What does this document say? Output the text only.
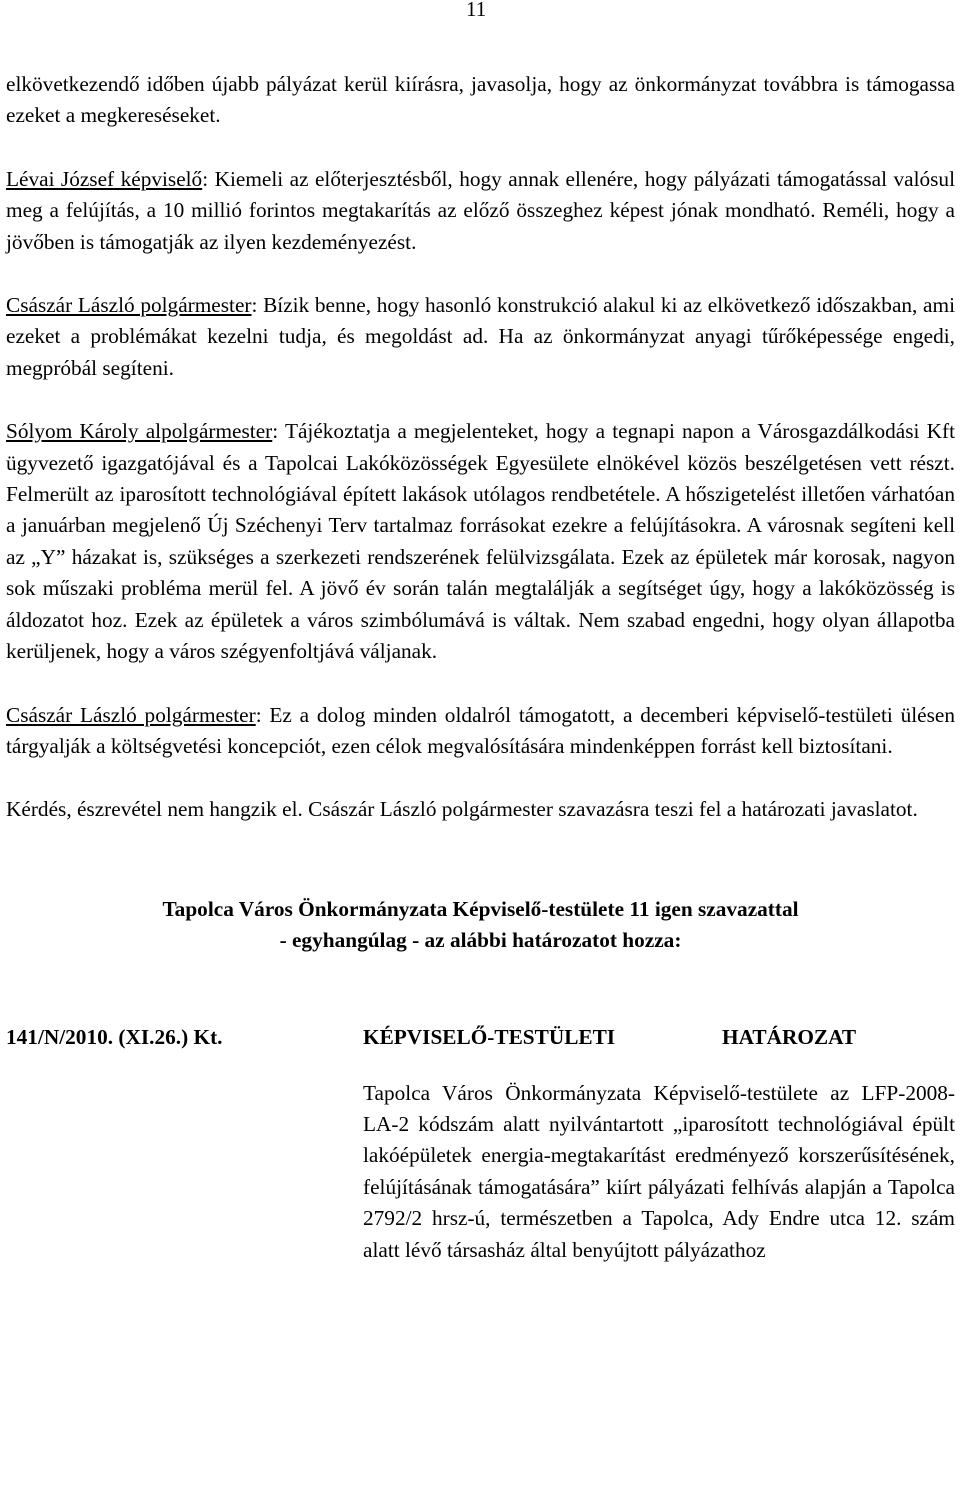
11

elkövetkezendő időben újabb pályázat kerül kiírásra, javasolja, hogy az önkormányzat továbbra is támogassa ezeket a megkereséseket.

Lévai József képviselő: Kiemeli az előterjesztésből, hogy annak ellenére, hogy pályázati támogatással valósul meg a felújítás, a 10 millió forintos megtakarítás az előző összeghez képest jónak mondható. Reméli, hogy a jövőben is támogatják az ilyen kezdeményezést.

Császár László polgármester: Bízik benne, hogy hasonló konstrukció alakul ki az elkövetkező időszakban, ami ezeket a problémákat kezelni tudja, és megoldást ad. Ha az önkormányzat anyagi tűrőképessége engedi, megpróbál segíteni.

Sólyom Károly alpolgármester: Tájékoztatja a megjelenteket, hogy a tegnapi napon a Városgazdálkodási Kft ügyvezető igazgatójával és a Tapolcai Lakóközösségek Egyesülete elnökével közös beszélgetésen vett részt. Felmerült az iparosított technológiával épített lakások utólagos rendbetétele. A hőszigetelést illetően várhatóan a januárban megjelenő Új Széchenyi Terv tartalmaz forrásokat ezekre a felújításokra. A városnak segíteni kell az „Y” házakat is, szükséges a szerkezeti rendszerének felülvizsgálata. Ezek az épületek már korosak, nagyon sok műszaki probléma merül fel. A jövő év során talán megtalálják a segítséget úgy, hogy a lakóközösség is áldozatot hoz. Ezek az épületek a város szimbólumává is váltak. Nem szabad engedni, hogy olyan állapotba kerüljenek, hogy a város szégyenfoltjává váljanak.

Császár László polgármester: Ez a dolog minden oldalról támogatott, a decemberi képviselő-testületi ülésen tárgyalják a költségvetési koncepciót, ezen célok megvalósítására mindenképpen forrást kell biztosítani.

Kérdés, észrevétel nem hangzik el. Császár László polgármester szavazásra teszi fel a határozati javaslatot.

Tapolca Város Önkormányzata Képviselő-testülete 11 igen szavazattal
- egyhangúlag - az alábbi határozatot hozza:
141/N/2010. (XI.26.) Kt.	KÉPVISELŐ-TESTÜLETI	HATÁROZAT

Tapolca Város Önkormányzata Képviselő-testülete az LFP-2008-LA-2 kódszám alatt nyilvántartott „iparosított technológiával épült lakóépületek energia-megtakarítást eredményező korszerűsítésének, felújításának támogatására” kiírt pályázati felhívás alapján a Tapolca 2792/2 hrsz-ú, természetben a Tapolca, Ady Endre utca 12. szám alatt lévő társasház által benyújtott pályázathoz
